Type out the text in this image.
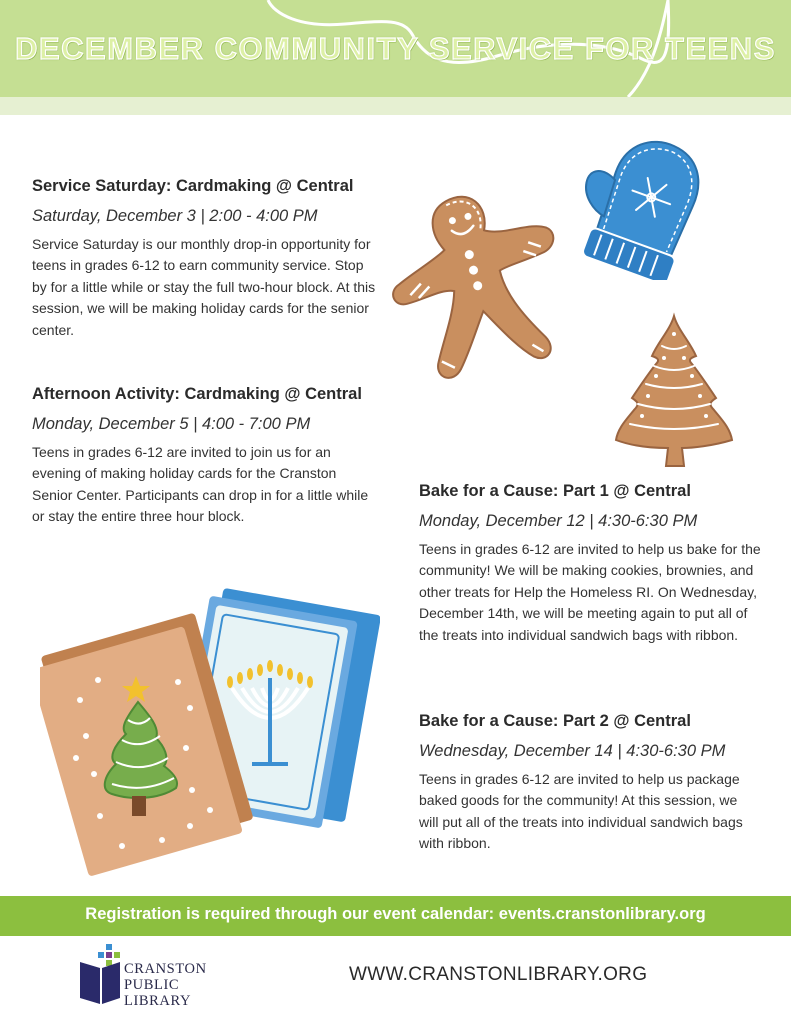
DECEMBER COMMUNITY SERVICE FOR TEENS
Service Saturday: Cardmaking @ Central
Saturday, December 3 | 2:00 - 4:00 PM
Service Saturday is our monthly drop-in opportunity for teens in grades 6-12 to earn community service. Stop by for a little while or stay the full two-hour block. At this session, we will be making holiday cards for the senior center.
Afternoon Activity: Cardmaking @ Central
Monday, December 5 | 4:00 - 7:00 PM
Teens in grades 6-12 are invited to join us for an evening of making holiday cards for the Cranston Senior Center. Participants can drop in for a little while or stay the entire three hour block.
Bake for a Cause: Part 1 @ Central
Monday, December 12 | 4:30-6:30 PM
Teens in grades 6-12 are invited to help us bake for the community! We will be making cookies, brownies, and other treats for Help the Homeless RI. On Wednesday, December 14th, we will be meeting again to put all of the treats into individual sandwich bags with ribbon.
Bake for a Cause: Part 2 @ Central
Wednesday, December 14 | 4:30-6:30 PM
Teens in grades 6-12 are invited to help us package baked goods for the community! At this session, we will put all of the treats into individual sandwich bags with ribbon.
Registration is required through our event calendar: events.cranstonlibrary.org
CRANSTON
PUBLIC
LIBRARY
WWW.CRANSTONLIBRARY.ORG
